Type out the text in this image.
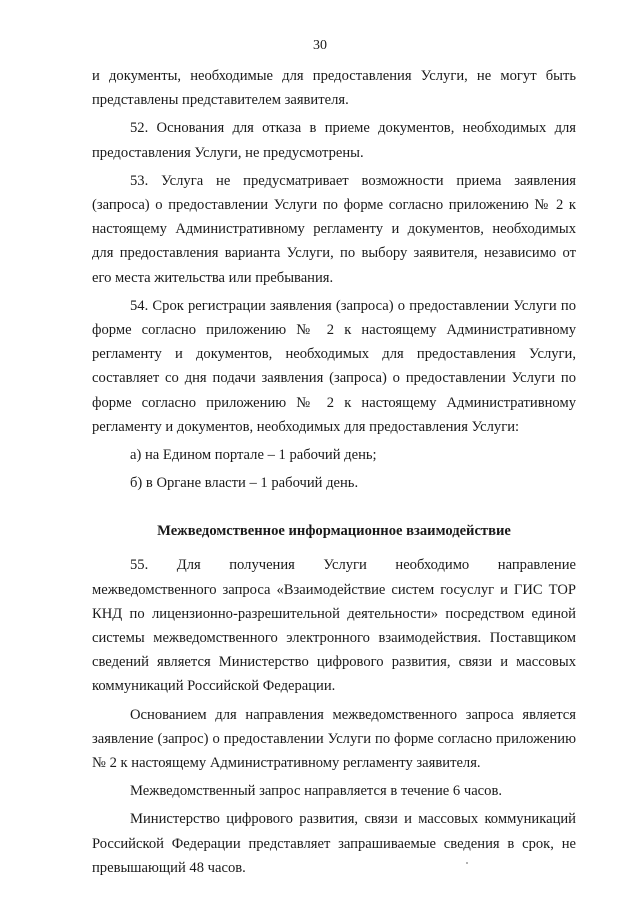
30

и документы, необходимые для предоставления Услуги, не могут быть представлены представителем заявителя.

52. Основания для отказа в приеме документов, необходимых для предоставления Услуги, не предусмотрены.

53. Услуга не предусматривает возможности приема заявления (запроса) о предоставлении Услуги по форме согласно приложению № 2 к настоящему Административному регламенту и документов, необходимых для предоставления варианта Услуги, по выбору заявителя, независимо от его места жительства или пребывания.

54. Срок регистрации заявления (запроса) о предоставлении Услуги по форме согласно приложению № 2 к настоящему Административному регламенту и документов, необходимых для предоставления Услуги, составляет со дня подачи заявления (запроса) о предоставлении Услуги по форме согласно приложению № 2 к настоящему Административному регламенту и документов, необходимых для предоставления Услуги:

а) на Едином портале – 1 рабочий день;

б) в Органе власти – 1 рабочий день.

Межведомственное информационное взаимодействие

55. Для получения Услуги необходимо направление межведомственного запроса «Взаимодействие систем госуслуг и ГИС ТОР КНД по лицензионно-разрешительной деятельности» посредством единой системы межведомственного электронного взаимодействия. Поставщиком сведений является Министерство цифрового развития, связи и массовых коммуникаций Российской Федерации.

Основанием для направления межведомственного запроса является заявление (запрос) о предоставлении Услуги по форме согласно приложению № 2 к настоящему Административному регламенту заявителя.

Межведомственный запрос направляется в течение 6 часов.

Министерство цифрового развития, связи и массовых коммуникаций Российской Федерации представляет запрашиваемые сведения в срок, не превышающий 48 часов.
